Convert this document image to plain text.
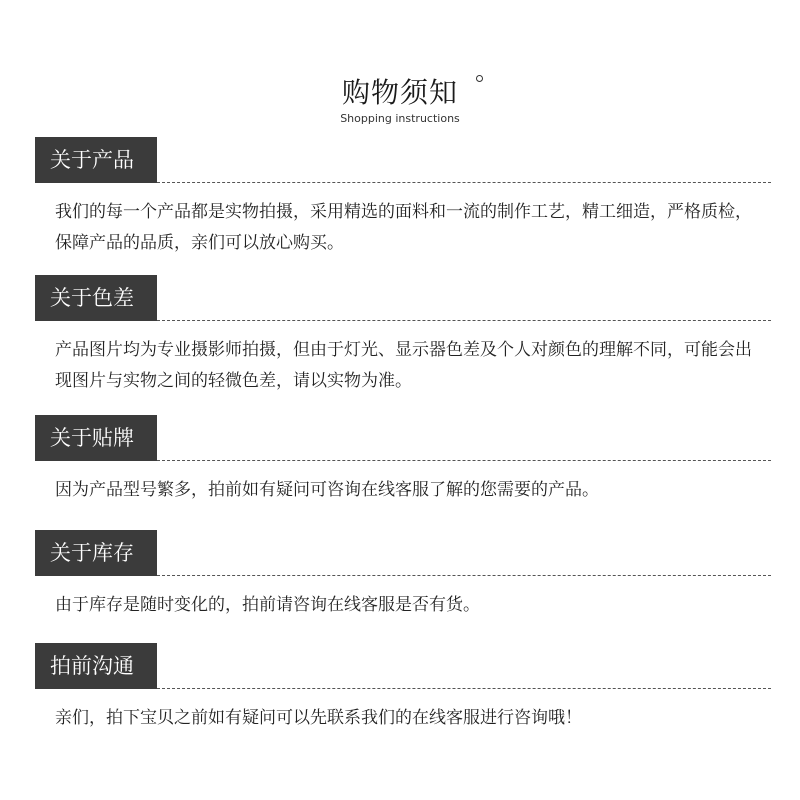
购物须知
Shopping instructions
关于产品

我们的每一个产品都是实物拍摄，采用精选的面料和一流的制作工艺，精工细造，严格质检，保障产品的品质，亲们可以放心购买。

关于色差

产品图片均为专业摄影师拍摄，但由于灯光、显示器色差及个人对颜色的理解不同，可能会出现图片与实物之间的轻微色差，请以实物为准。

关于贴牌

因为产品型号繁多，拍前如有疑问可咨询在线客服了解的您需要的产品。

关于库存

由于库存是随时变化的，拍前请咨询在线客服是否有货。

拍前沟通

亲们，拍下宝贝之前如有疑问可以先联系我们的在线客服进行咨询哦！
